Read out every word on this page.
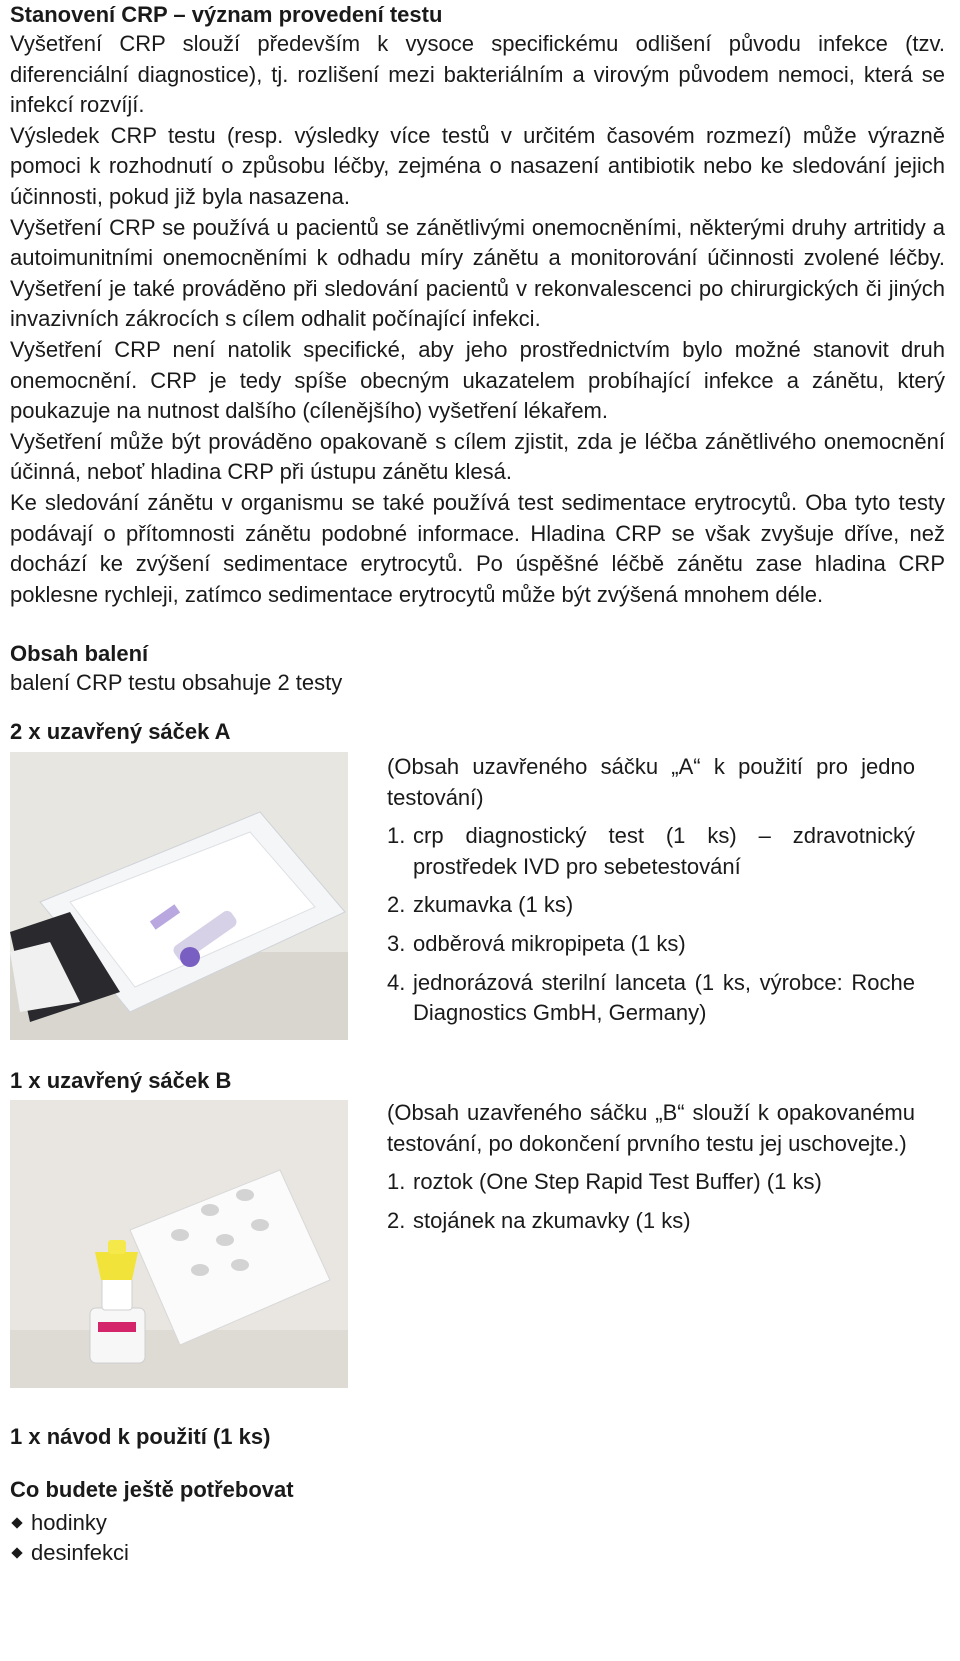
Stanovení CRP – význam provedení testu

Vyšetření CRP slouží především k vysoce specifickému odlišení původu infekce (tzv. diferenciální diagnostice), tj. rozlišení mezi bakteriálním a virovým původem nemoci, která se infekcí rozvíjí.

Výsledek CRP testu (resp. výsledky více testů v určitém časovém rozmezí) může výrazně pomoci k rozhodnutí o způsobu léčby, zejména o nasazení antibiotik nebo ke sledování jejich účinnosti, pokud již byla nasazena.

Vyšetření CRP se používá u pacientů se zánětlivými onemocněními, některými druhy artritidy a autoimunitními onemocněními k odhadu míry zánětu a monitorování účinnosti zvolené léčby. Vyšetření je také prováděno při sledování pacientů v rekonvalescenci po chirurgických či jiných invazivních zákrocích s cílem odhalit počínající infekci.

Vyšetření CRP není natolik specifické, aby jeho prostřednictvím bylo možné stanovit druh onemocnění. CRP je tedy spíše obecným ukazatelem probíhající infekce a zánětu, který poukazuje na nutnost dalšího (cílenějšího) vyšetření lékařem.

Vyšetření může být prováděno opakovaně s cílem zjistit, zda je léčba zánětlivého onemocnění účinná, neboť hladina CRP při ústupu zánětu klesá.

Ke sledování zánětu v organismu se také používá test sedimentace erytrocytů. Oba tyto testy podávají o přítomnosti zánětu podobné informace. Hladina CRP se však zvyšuje dříve, než dochází ke zvýšení sedimentace erytrocytů. Po úspěšné léčbě zánětu zase hladina CRP poklesne rychleji, zatímco sedimentace erytrocytů může být zvýšená mnohem déle.

Obsah balení

balení CRP testu obsahuje 2 testy

2 x uzavřený sáček A

(Obsah uzavřeného sáčku „A“ k použití pro jedno testování)

1. crp diagnostický test (1 ks) – zdravotnický prostředek IVD pro sebetestování
2. zkumavka (1 ks)
3. odběrová mikropipeta (1 ks)
4. jednorázová sterilní lanceta (1 ks, výrobce: Roche Diagnostics GmbH, Germany)
1 x uzavřený sáček B

(Obsah uzavřeného sáčku „B“ slouží k opakovanému testování, po dokončení prvního testu jej uschovejte.)

1. roztok (One Step Rapid Test Buffer) (1 ks)
2. stojánek na zkumavky (1 ks)
1 x návod k použití (1 ks)
Co budete ještě potřebovat
hodinky
desinfekci
